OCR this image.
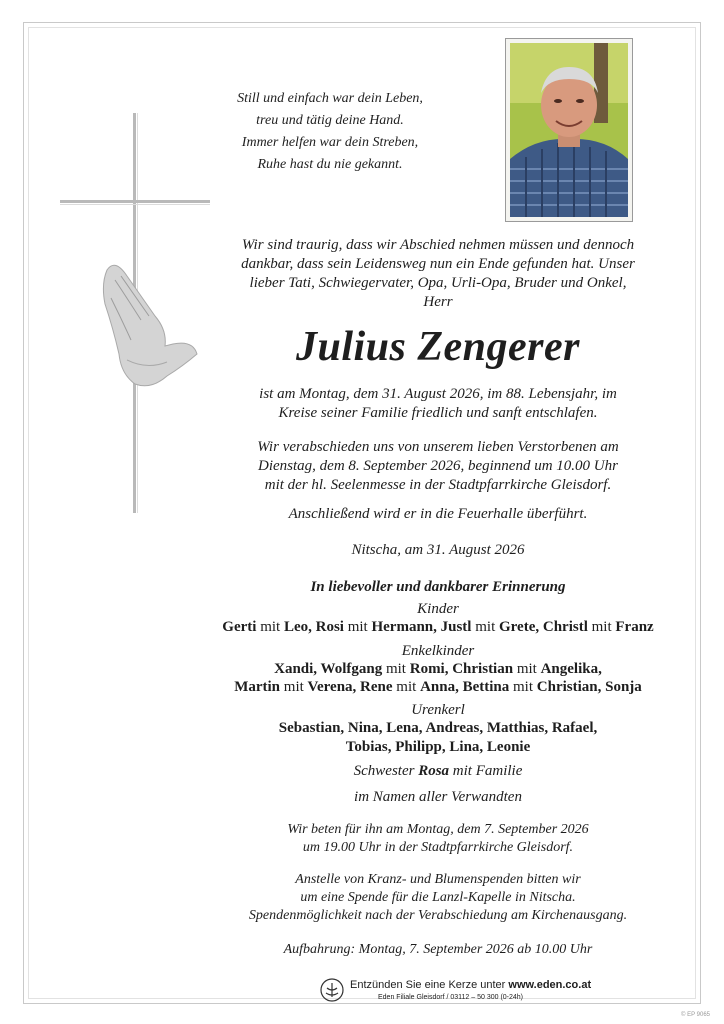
Still und einfach war dein Leben,
treu und tätig deine Hand.
Immer helfen war dein Streben,
Ruhe hast du nie gekannt.
Wir sind traurig, dass wir Abschied nehmen müssen und dennoch
dankbar, dass sein Leidensweg nun ein Ende gefunden hat. Unser
lieber Tati, Schwiegervater, Opa, Urli-Opa, Bruder und Onkel,
Herr
Julius Zengerer
ist am Montag, dem 31. August 2026, im 88. Lebensjahr, im
Kreise seiner Familie friedlich und sanft entschlafen.
Wir verabschieden uns von unserem lieben Verstorbenen am
Dienstag, dem 8. September 2026, beginnend um 10.00 Uhr
mit der hl. Seelenmesse in der Stadtpfarrkirche Gleisdorf.
Anschließend wird er in die Feuerhalle überführt.
Nitscha, am 31. August 2026
In liebevoller und dankbarer Erinnerung
Kinder
Gerti mit Leo, Rosi mit Hermann, Justl mit Grete, Christl mit Franz
Enkelkinder
Xandi, Wolfgang mit Romi, Christian mit Angelika,
Martin mit Verena, Rene mit Anna, Bettina mit Christian, Sonja
Urenkerl
Sebastian, Nina, Lena, Andreas, Matthias, Rafael,
Tobias, Philipp, Lina, Leonie
Schwester Rosa mit Familie
im Namen aller Verwandten
Wir beten für ihn am Montag, dem 7. September 2026
um 19.00 Uhr in der Stadtpfarrkirche Gleisdorf.
Anstelle von Kranz- und Blumenspenden bitten wir
um eine Spende für die Lanzl-Kapelle in Nitscha.
Spendenmöglichkeit nach der Verabschiedung am Kirchenausgang.
Aufbahrung: Montag, 7. September 2026 ab 10.00 Uhr
Entzünden Sie eine Kerze unter www.eden.co.at
Eden Filiale Gleisdorf / 03112 – 50 300 (0-24h)
© EP 9065
